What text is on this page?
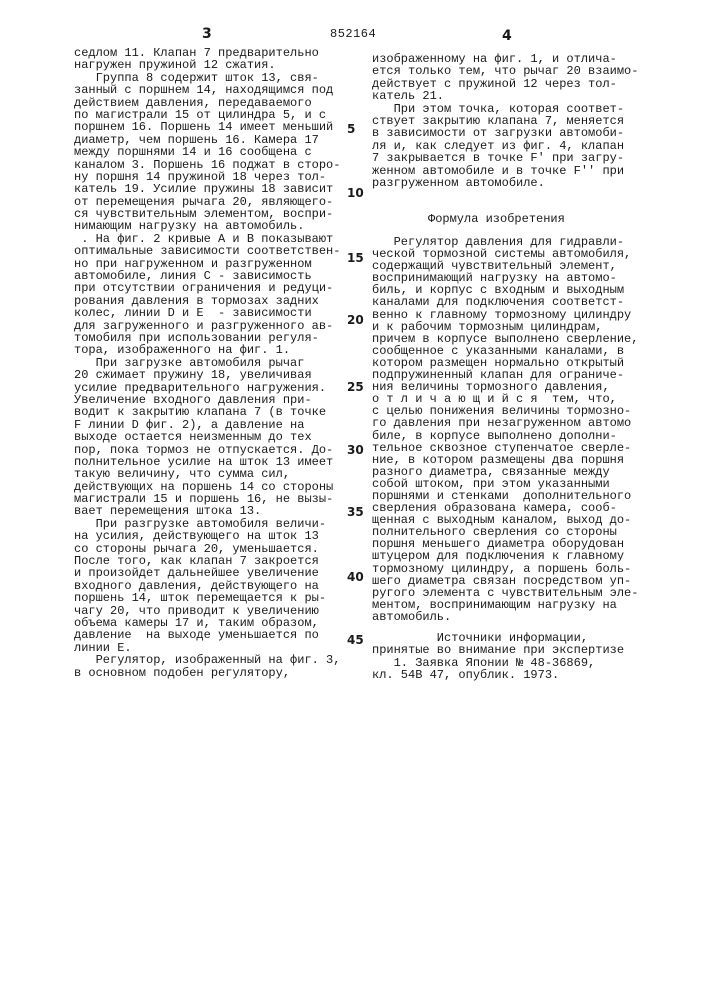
3	852164	4
5
10
15
20
25
30
35
40
45
седлом 11. Клапан 7 предварительно
нагружен пружиной 12 сжатия.
Группа 8 содержит шток 13, свя-
занный с поршнем 14, находящимся под
действием давления, передаваемого
по магистрали 15 от цилиндра 5, и с
поршнем 16. Поршень 14 имеет меньший
диаметр, чем поршень 16. Камера 17
между поршнями 14 и 16 сообщена с
каналом 3. Поршень 16 поджат в сторо-
ну поршня 14 пружиной 18 через тол-
катель 19. Усилие пружины 18 зависит
от перемещения рычага 20, являющего-
ся чувствительным элементом, воспри-
нимающим нагрузку на автомобиль.
. На фиг. 2 кривые A и B показывают
оптимальные зависимости соответствен-
но при нагруженном и разгруженном
автомобиле, линия C - зависимость
при отсутствии ограничения и редуци-
рования давления в тормозах задних
колес, линии D и E  - зависимости
для загруженного и разгруженного ав-
томобиля при использовании регуля-
тора, изображенного на фиг. 1.
При загрузке автомобиля рычаг
20 сжимает пружину 18, увеличивая
усилие предварительного нагружения.
Увеличение входного давления при-
водит к закрытию клапана 7 (в точке
F линии D фиг. 2), а давление на
выходе остается неизменным до тех
пор, пока тормоз не отпускается. До-
полнительное усилие на шток 13 имеет
такую величину, что сумма сил,
действующих на поршень 14 со стороны
магистрали 15 и поршень 16, не вызы-
вает перемещения штока 13.
При разгрузке автомобиля величи-
на усилия, действующего на шток 13
со стороны рычага 20, уменьшается.
После того, как клапан 7 закроется
и произойдет дальнейшее увеличение
входного давления, действующего на
поршень 14, шток перемещается к ры-
чагу 20, что приводит к увеличению
объема камеры 17 и, таким образом,
давление  на выходе уменьшается по
линии E.
Регулятор, изображенный на фиг. 3,
в основном подобен регулятору,
изображенному на фиг. 1, и отлича-
ется только тем, что рычаг 20 взаимо-
действует с пружиной 12 через тол-
катель 21.
При этом точка, которая соответ-
ствует закрытию клапана 7, меняется
в зависимости от загрузки автомоби-
ля и, как следует из фиг. 4, клапан
7 закрывается в точке F' при загру-
женном автомобиле и в точке F'' при
разгруженном автомобиле.
Формула изобретения
Регулятор давления для гидравли-
ческой тормозной системы автомобиля,
содержащий чувствительный элемент,
воспринимающий нагрузку на автомо-
биль, и корпус с входным и выходным
каналами для подключения соответст-
венно к главному тормозному цилиндру
и к рабочим тормозным цилиндрам,
причем в корпусе выполнено сверление,
сообщенное с указанными каналами, в
котором размещен нормально открытый
подпружиненный клапан для ограниче-
ния величины тормозного давления,
о т л и ч а ю щ и й с я  тем, что,
с целью понижения величины тормозно-
го давления при незагруженном автомо
биле, в корпусе выполнено дополни-
тельное сквозное ступенчатое сверле-
ние, в котором размещены два поршня
разного диаметра, связанные между
собой штоком, при этом указанными
поршнями и стенками  дополнительного
сверления образована камера, сооб-
щенная с выходным каналом, выход до-
полнительного сверления со стороны
поршня меньшего диаметра оборудован
штуцером для подключения к главному
тормозному цилиндру, а поршень боль-
шего диаметра связан посредством уп-
ругого элемента с чувствительным эле-
ментом, воспринимающим нагрузку на
автомобиль.
Источники информации,
принятые во внимание при экспертизе
1. Заявка Японии № 48-36869,
кл. 54B 47, опублик. 1973.
